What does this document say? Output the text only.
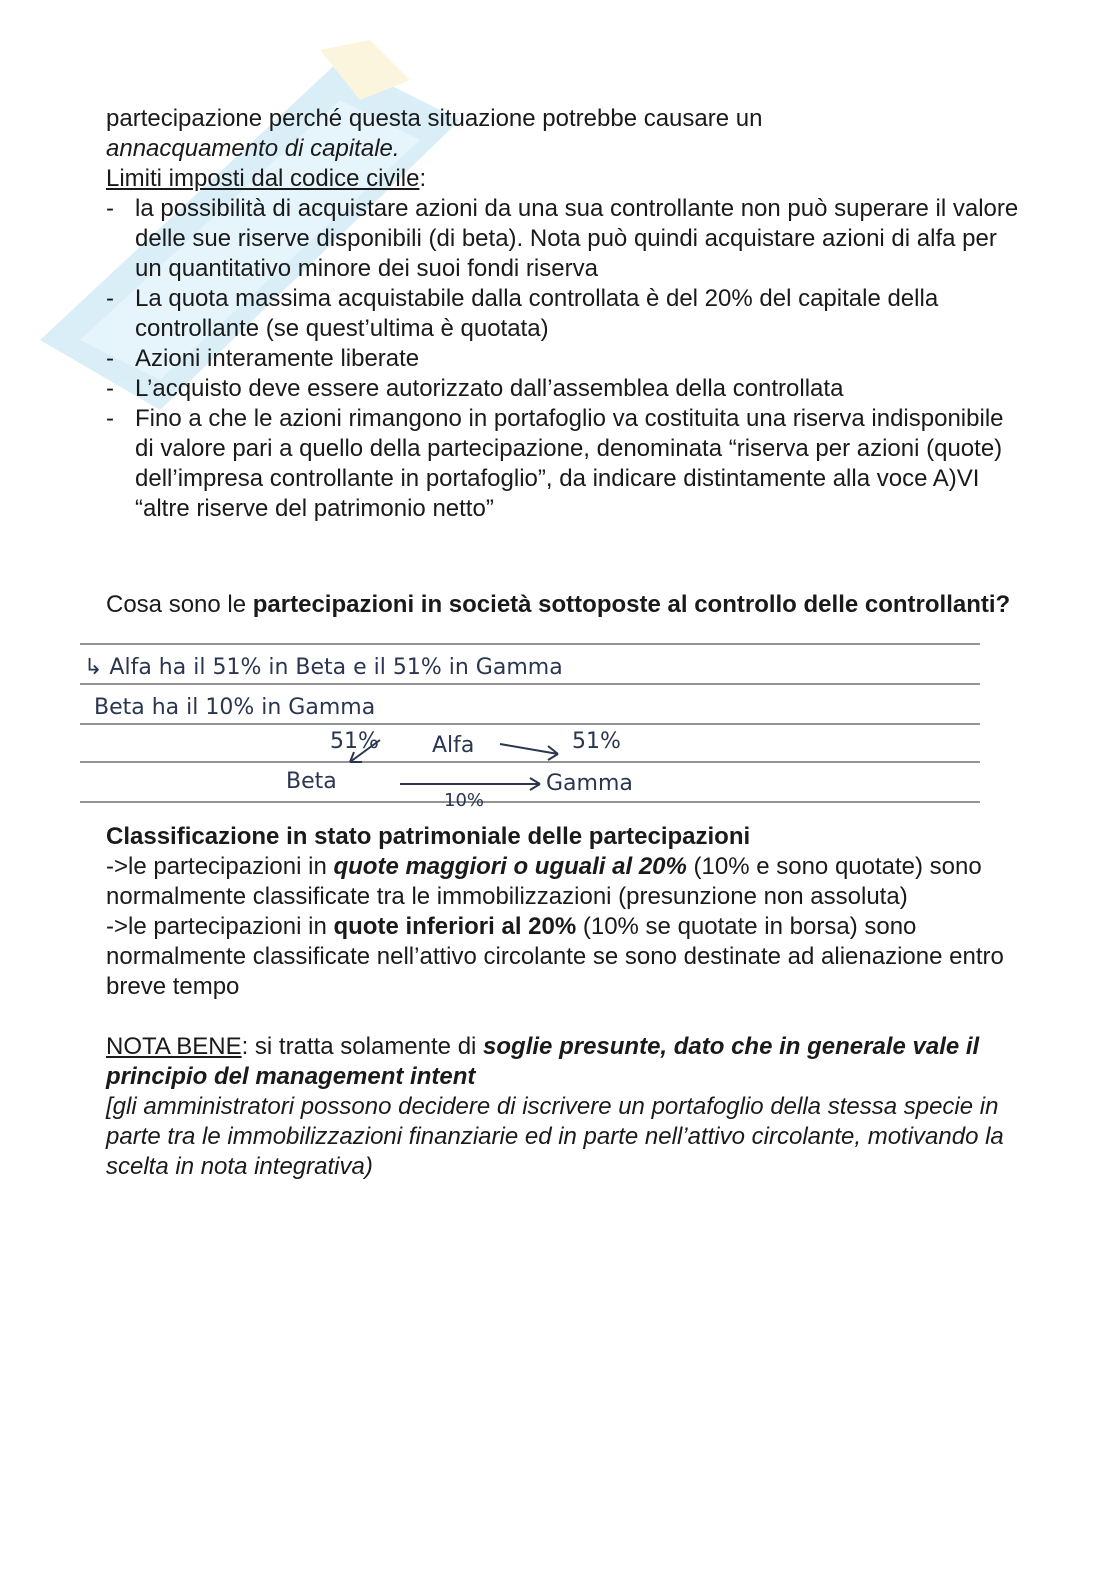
partecipazione perché questa situazione potrebbe causare un
annacquamento di capitale.
Limiti imposti dal codice civile:
- la possibilità di acquistare azioni da una sua controllante non può superare il valore delle sue riserve disponibili (di beta). Nota può quindi acquistare azioni di alfa per un quantitativo minore dei suoi fondi riserva
- La quota massima acquistabile dalla controllata è del 20% del capitale della controllante (se quest’ultima è quotata)
- Azioni interamente liberate
- L’acquisto deve essere autorizzato dall’assemblea della controllata
- Fino a che le azioni rimangono in portafoglio va costituita una riserva indisponibile di valore pari a quello della partecipazione, denominata “riserva per azioni (quote) dell’impresa controllante in portafoglio”, da indicare distintamente alla voce A)VI “altre riserve del patrimonio netto”
Cosa sono le partecipazioni in società sottoposte al controllo delle controllanti?
↳ Alfa ha il 51% in Beta e il 51% in Gamma
Beta ha il 10% in Gamma
51% Alfa	51%
Beta	Gamma
10%
Classificazione in stato patrimoniale delle partecipazioni
->le partecipazioni in quote maggiori o uguali al 20% (10% e sono quotate) sono normalmente classificate tra le immobilizzazioni (presunzione non assoluta)
->le partecipazioni in quote inferiori al 20% (10% se quotate in borsa) sono normalmente classificate nell’attivo circolante se sono destinate ad alienazione entro breve tempo
NOTA BENE: si tratta solamente di soglie presunte, dato che in generale vale il principio del management intent
[gli amministratori possono decidere di iscrivere un portafoglio della stessa specie in parte tra le immobilizzazioni finanziarie ed in parte nell’attivo circolante, motivando la scelta in nota integrativa)
